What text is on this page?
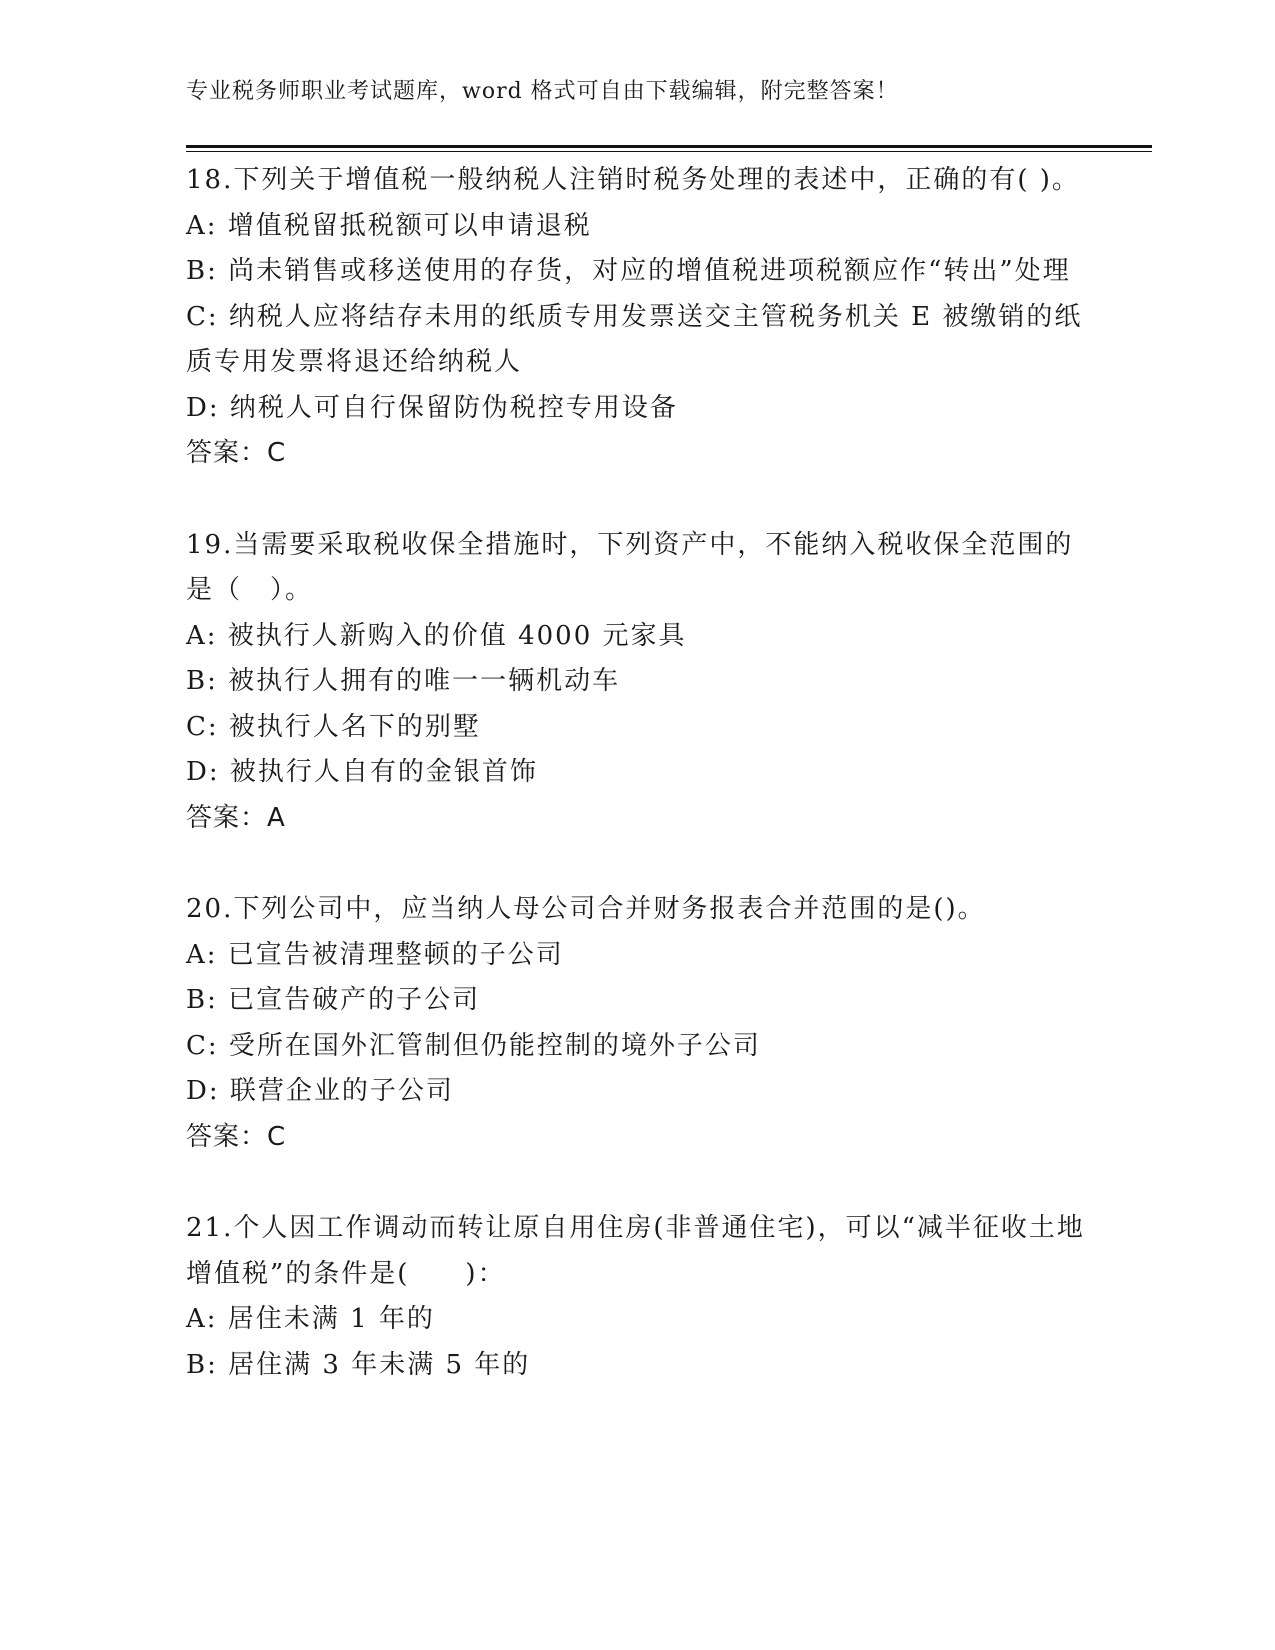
专业税务师职业考试题库，word 格式可自由下载编辑，附完整答案！

18.下列关于增值税一般纳税人注销时税务处理的表述中，正确的有( )。

A: 增值税留抵税额可以申请退税

B: 尚未销售或移送使用的存货，对应的增值税进项税额应作“转出”处理

C: 纳税人应将结存未用的纸质专用发票送交主管税务机关 E 被缴销的纸质专用发票将退还给纳税人

D: 纳税人可自行保留防伪税控专用设备

答案：C

19.当需要采取税收保全措施时，下列资产中，不能纳入税收保全范围的是（　）。

A: 被执行人新购入的价值 4000 元家具

B: 被执行人拥有的唯一一辆机动车

C: 被执行人名下的别墅

D: 被执行人自有的金银首饰

答案：A

20.下列公司中，应当纳人母公司合并财务报表合并范围的是()。

A: 已宣告被清理整顿的子公司

B: 已宣告破产的子公司

C: 受所在国外汇管制但仍能控制的境外子公司

D: 联营企业的子公司

答案：C

21.个人因工作调动而转让原自用住房(非普通住宅)，可以“减半征收土地增值税”的条件是(　　)：

A: 居住未满 1 年的

B: 居住满 3 年未满 5 年的
